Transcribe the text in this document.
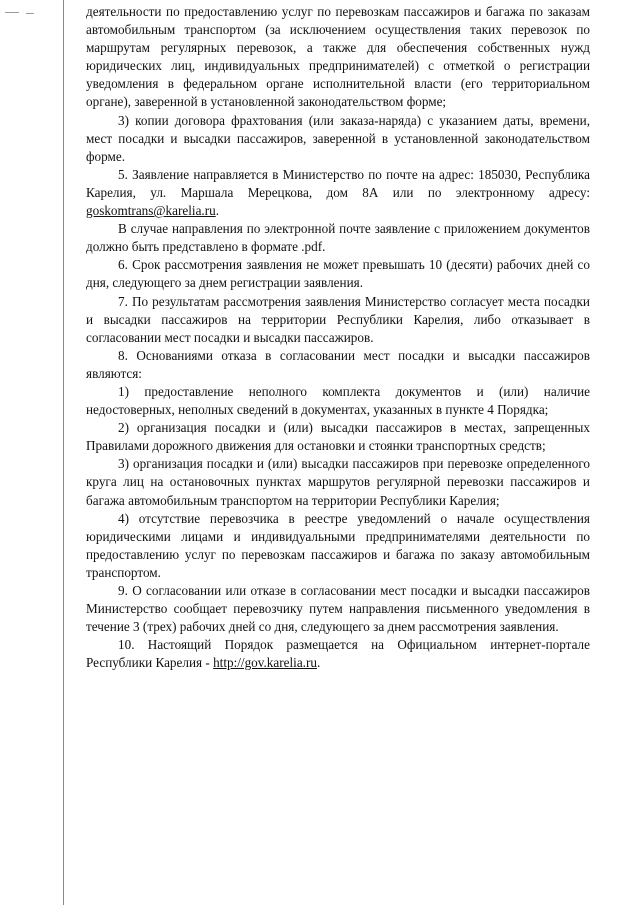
деятельности по предоставлению услуг по перевозкам пассажиров и багажа по заказам автомобильным транспортом (за исключением осуществления таких перевозок по маршрутам регулярных перевозок, а также для обеспечения собственных нужд юридических лиц, индивидуальных предпринимателей) с отметкой о регистрации уведомления в федеральном органе исполнительной власти (его территориальном органе), заверенной в установленной законодательством форме;

3) копии договора фрахтования (или заказа-наряда) с указанием даты, времени, мест посадки и высадки пассажиров, заверенной в установленной законодательством форме.

5. Заявление направляется в Министерство по почте на адрес: 185030, Республика Карелия, ул. Маршала Мерецкова, дом 8А или по электронному адресу: goskomtrans@karelia.ru.

В случае направления по электронной почте заявление с приложением документов должно быть представлено в формате .pdf.

6. Срок рассмотрения заявления не может превышать 10 (десяти) рабочих дней со дня, следующего за днем регистрации заявления.

7. По результатам рассмотрения заявления Министерство согласует места посадки и высадки пассажиров на территории Республики Карелия, либо отказывает в согласовании мест посадки и высадки пассажиров.

8. Основаниями отказа в согласовании мест посадки и высадки пассажиров являются:

1) предоставление неполного комплекта документов и (или) наличие недостоверных, неполных сведений в документах, указанных в пункте 4 Порядка;

2) организация посадки и (или) высадки пассажиров в местах, запрещенных Правилами дорожного движения для остановки и стоянки транспортных средств;

3) организация посадки и (или) высадки пассажиров при перевозке определенного круга лиц на остановочных пунктах маршрутов регулярной перевозки пассажиров и багажа автомобильным транспортом на территории Республики Карелия;

4) отсутствие перевозчика в реестре уведомлений о начале осуществления юридическими лицами и индивидуальными предпринимателями деятельности по предоставлению услуг по перевозкам пассажиров и багажа по заказу автомобильным транспортом.

9. О согласовании или отказе в согласовании мест посадки и высадки пассажиров Министерство сообщает перевозчику путем направления письменного уведомления в течение 3 (трех) рабочих дней со дня, следующего за днем рассмотрения заявления.

10. Настоящий Порядок размещается на Официальном интернет-портале Республики Карелия - http://gov.karelia.ru.
